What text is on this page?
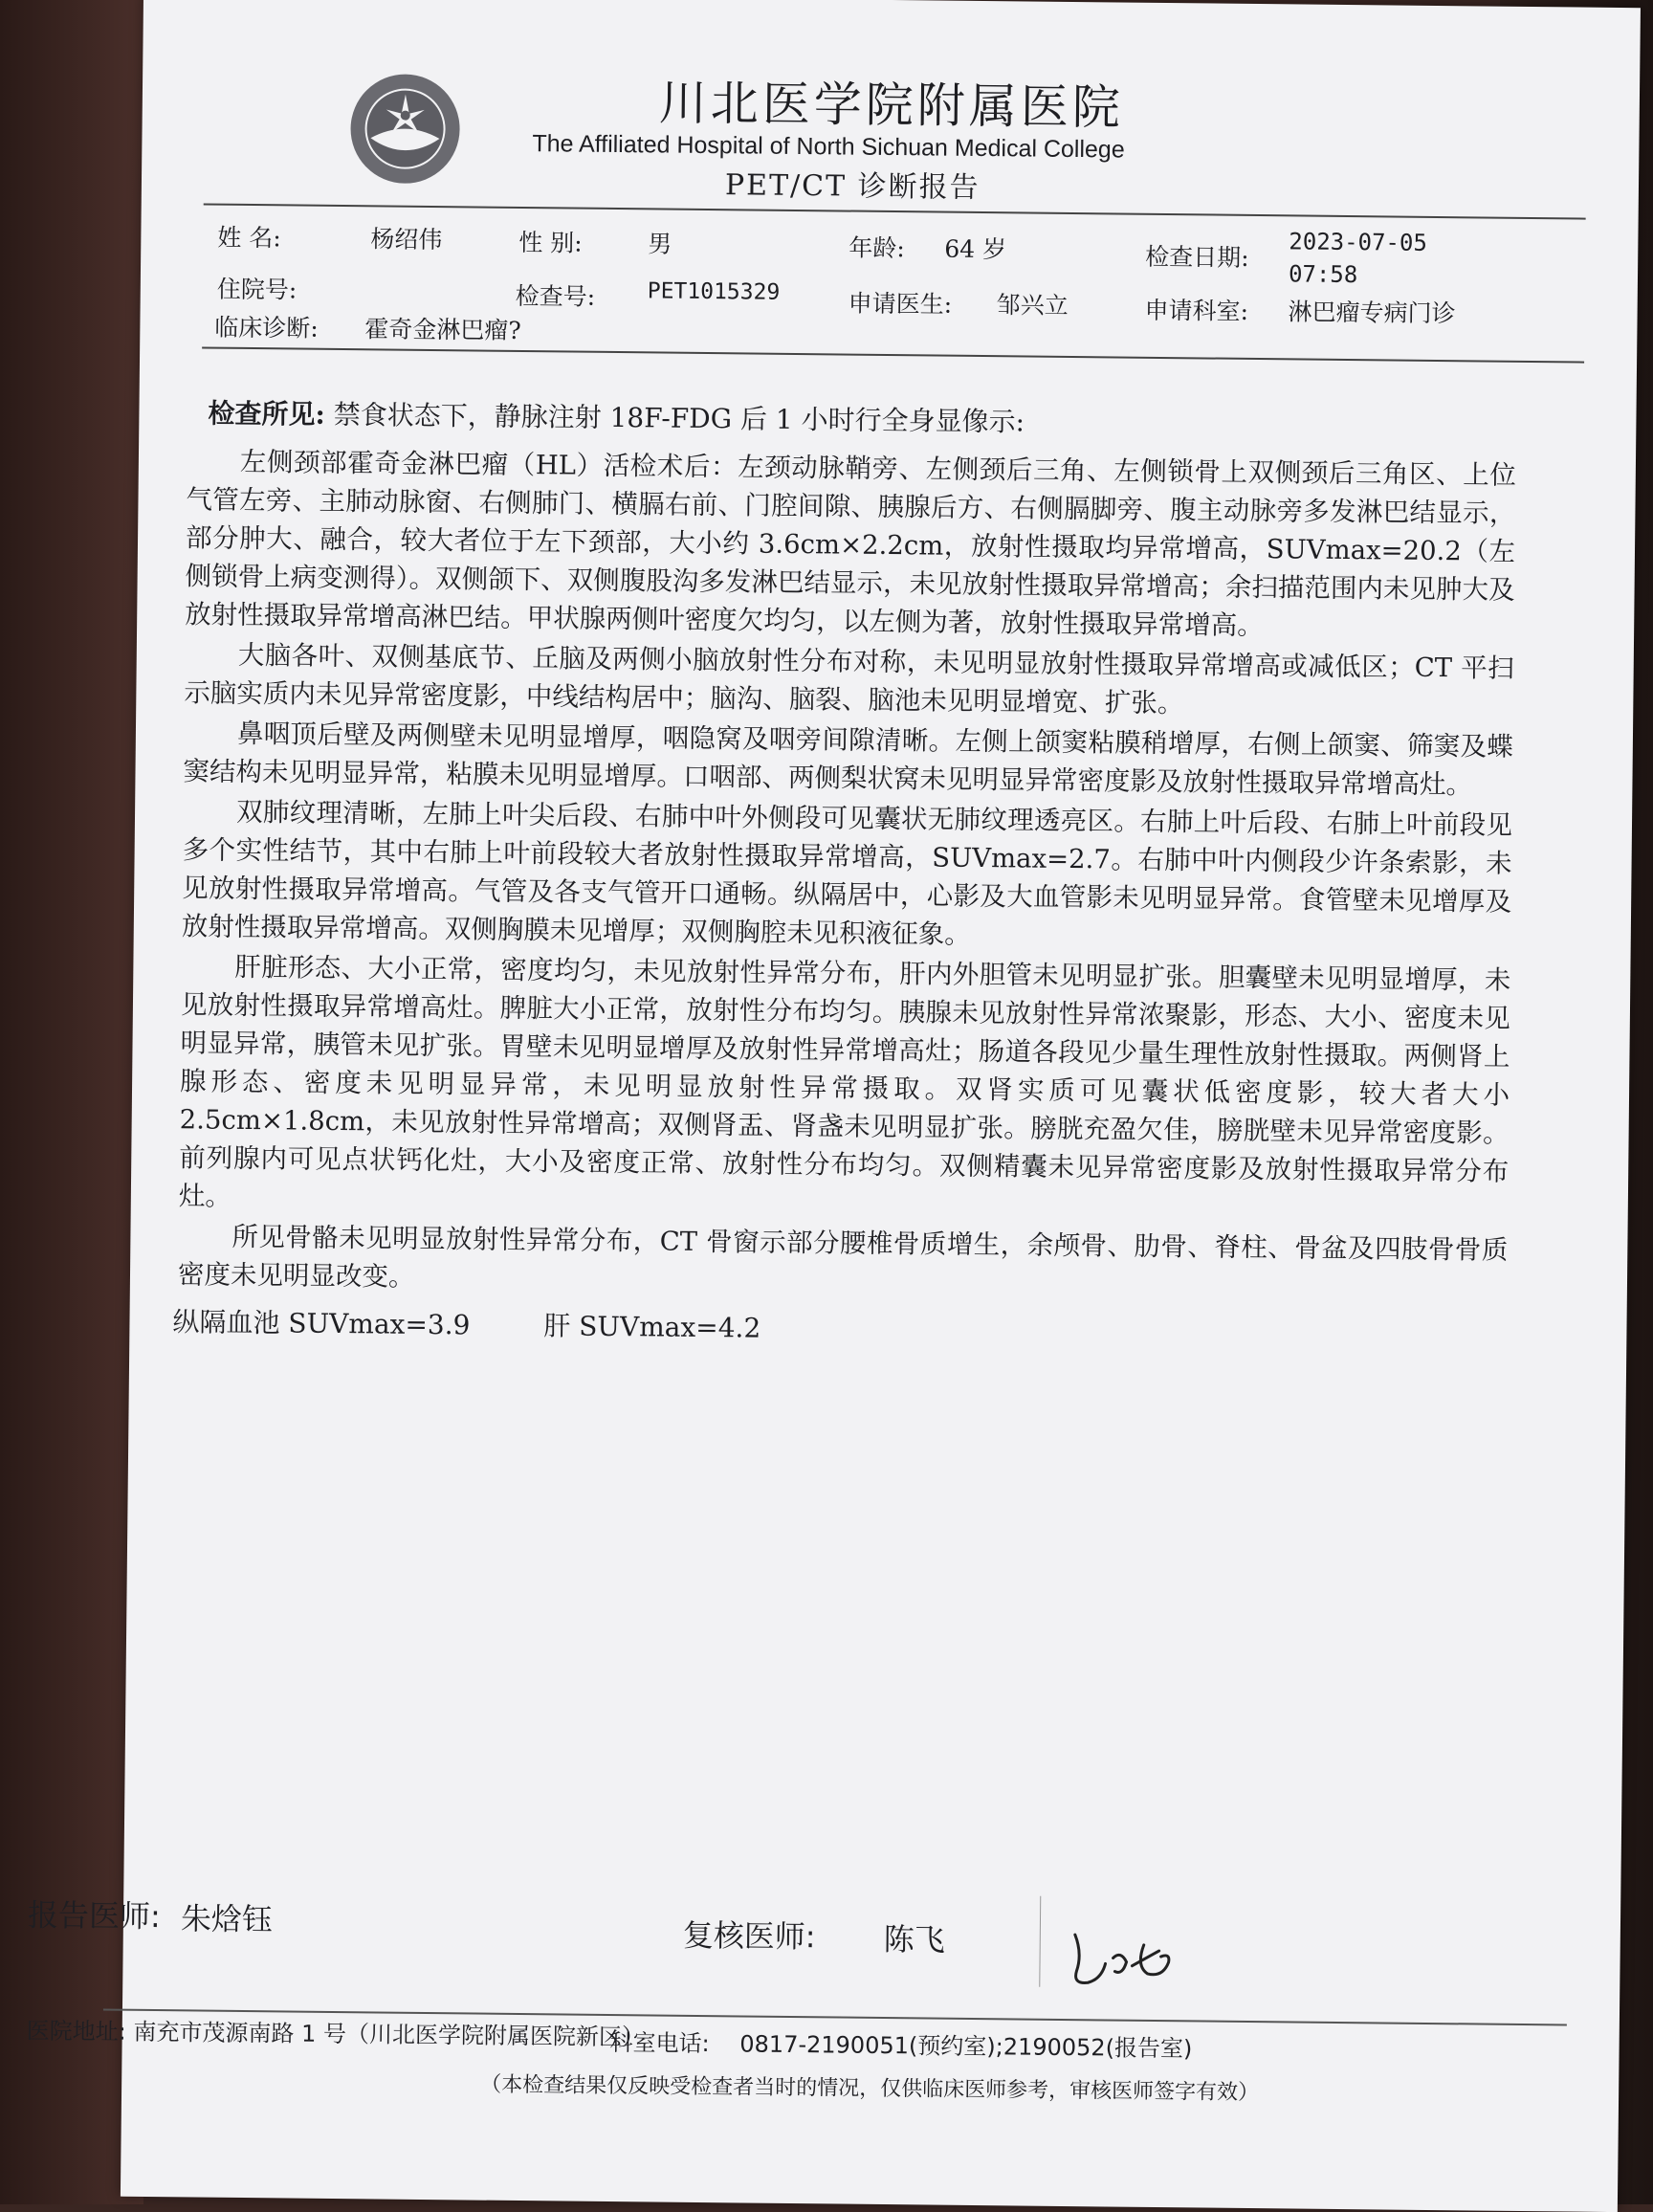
川北医学院附属医院
The Affiliated Hospital of North Sichuan Medical College
PET/CT 诊断报告
姓 名:	杨绍伟	性 别:	男	年龄: 64 岁	检查日期:
2023-07-05
07:58
住院号:	检查号: PET1015329	申请医生: 邹兴立	申请科室: 淋巴瘤专病门诊
临床诊断: 霍奇金淋巴瘤?
检查所见: 禁食状态下，静脉注射 18F-FDG 后 1 小时行全身显像示:

左侧颈部霍奇金淋巴瘤（HL）活检术后：左颈动脉鞘旁、左侧颈后三角、左侧锁骨上双侧颈后三角区、上位气管左旁、主肺动脉窗、右侧肺门、横膈右前、门腔间隙、胰腺后方、右侧膈脚旁、腹主动脉旁多发淋巴结显示，部分肿大、融合，较大者位于左下颈部，大小约 3.6cm×2.2cm，放射性摄取均异常增高，SUVmax=20.2（左侧锁骨上病变测得）。双侧颌下、双侧腹股沟多发淋巴结显示，未见放射性摄取异常增高；余扫描范围内未见肿大及放射性摄取异常增高淋巴结。甲状腺两侧叶密度欠均匀，以左侧为著，放射性摄取异常增高。

大脑各叶、双侧基底节、丘脑及两侧小脑放射性分布对称，未见明显放射性摄取异常增高或减低区；CT 平扫示脑实质内未见异常密度影，中线结构居中；脑沟、脑裂、脑池未见明显增宽、扩张。

鼻咽顶后壁及两侧壁未见明显增厚，咽隐窝及咽旁间隙清晰。左侧上颌窦粘膜稍增厚，右侧上颌窦、筛窦及蝶窦结构未见明显异常，粘膜未见明显增厚。口咽部、两侧梨状窝未见明显异常密度影及放射性摄取异常增高灶。

双肺纹理清晰，左肺上叶尖后段、右肺中叶外侧段可见囊状无肺纹理透亮区。右肺上叶后段、右肺上叶前段见多个实性结节，其中右肺上叶前段较大者放射性摄取异常增高，SUVmax=2.7。右肺中叶内侧段少许条索影，未见放射性摄取异常增高。气管及各支气管开口通畅。纵隔居中，心影及大血管影未见明显异常。食管壁未见增厚及放射性摄取异常增高。双侧胸膜未见增厚；双侧胸腔未见积液征象。

肝脏形态、大小正常，密度均匀，未见放射性异常分布，肝内外胆管未见明显扩张。胆囊壁未见明显增厚，未见放射性摄取异常增高灶。脾脏大小正常，放射性分布均匀。胰腺未见放射性异常浓聚影，形态、大小、密度未见明显异常，胰管未见扩张。胃壁未见明显增厚及放射性异常增高灶；肠道各段见少量生理性放射性摄取。两侧肾上腺形态、密度未见明显异常，未见明显放射性异常摄取。双肾实质可见囊状低密度影，较大者大小 2.5cm×1.8cm，未见放射性异常增高；双侧肾盂、肾盏未见明显扩张。膀胱充盈欠佳，膀胱壁未见异常密度影。前列腺内可见点状钙化灶，大小及密度正常、放射性分布均匀。双侧精囊未见异常密度影及放射性摄取异常分布灶。

所见骨骼未见明显放射性异常分布，CT 骨窗示部分腰椎骨质增生，余颅骨、肋骨、脊柱、骨盆及四肢骨骨质密度未见明显改变。

纵隔血池 SUVmax=3.9	肝 SUVmax=4.2
报告医师: 朱焓钰	复核医师: 陈飞
医院地址: 南充市茂源南路 1 号（川北医学院附属医院新区）
科室电话: 0817-2190051(预约室);2190052(报告室)
（本检查结果仅反映受检查者当时的情况，仅供临床医师参考，审核医师签字有效）
